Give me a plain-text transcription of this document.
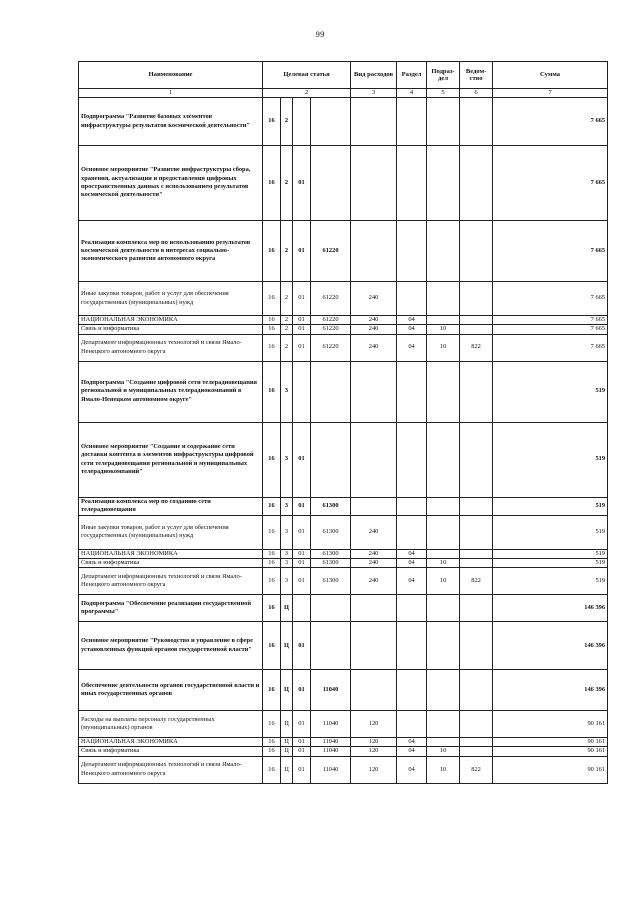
99
Наименование	Целевая статья				Вид расходов	Раздел	Подраз-дел	Ведом-ство	Сумма
1	2				3	4	5	6	7
Подпрограмма "Развитие базовых элементов инфраструктуры результатов космической деятельности"	16	2							7 665
Основное мероприятие "Развитие инфраструктуры сбора, хранения, актуализации и предоставления цифровых пространственных данных с использованием результатов космической деятельности"	16	2	01						7 665
Реализация комплекса мер по использованию результатов космической деятельности в интересах социально-экономического развития автономного округа	16	2	01	61220					7 665
Иные закупки товаров, работ и услуг для обеспечения государственных (муниципальных) нужд	16	2	01	61220	240				7 665
НАЦИОНАЛЬНАЯ ЭКОНОМИКА	16	2	01	61220	240	04			7 665
Связь и информатика	16	2	01	61220	240	04	10		7 665
Департамент информационных технологий и связи Ямало-Ненецкого автономного округа	16	2	01	61220	240	04	10	822	7 665
Подпрограмма "Создание цифровой сети телерадиовещания региональной и муниципальных телерадиокомпаний в Ямало-Ненецком автономном округе"	16	3							519
Основное мероприятие "Создание и содержание сети доставки контента и элементов инфраструктуры цифровой сети телерадиовещания региональной и муниципальных телерадиокомпаний"	16	3	01						519
Реализация комплекса мер по созданию сети телерадиовещания	16	3	01	61300					519
Иные закупки товаров, работ и услуг для обеспечения государственных (муниципальных) нужд	16	3	01	61300	240				519
НАЦИОНАЛЬНАЯ ЭКОНОМИКА	16	3	01	61300	240	04			519
Связь и информатика	16	3	01	61300	240	04	10		519
Департамент информационных технологий и связи Ямало-Ненецкого автономного округа	16	3	01	61300	240	04	10	822	519
Подпрограмма "Обеспечение реализации государственной программы"	16	Ц							146 396
Основное мероприятие "Руководство и управление в сфере установленных функций органов государственной власти"	16	Ц	01						146 396
Обеспечение деятельности органов государственной власти и иных государственных органов	16	Ц	01	11040					146 396
Расходы на выплаты персоналу государственных (муниципальных) органов	16	Ц	01	11040	120				90 161
НАЦИОНАЛЬНАЯ ЭКОНОМИКА	16	Ц	01	11040	120	04			90 161
Связь и информатика	16	Ц	01	11040	120	04	10		90 161
Департамент информационных технологий и связи Ямало-Ненецкого автономного округа	16	Ц	01	11040	120	04	10	822	90 161
